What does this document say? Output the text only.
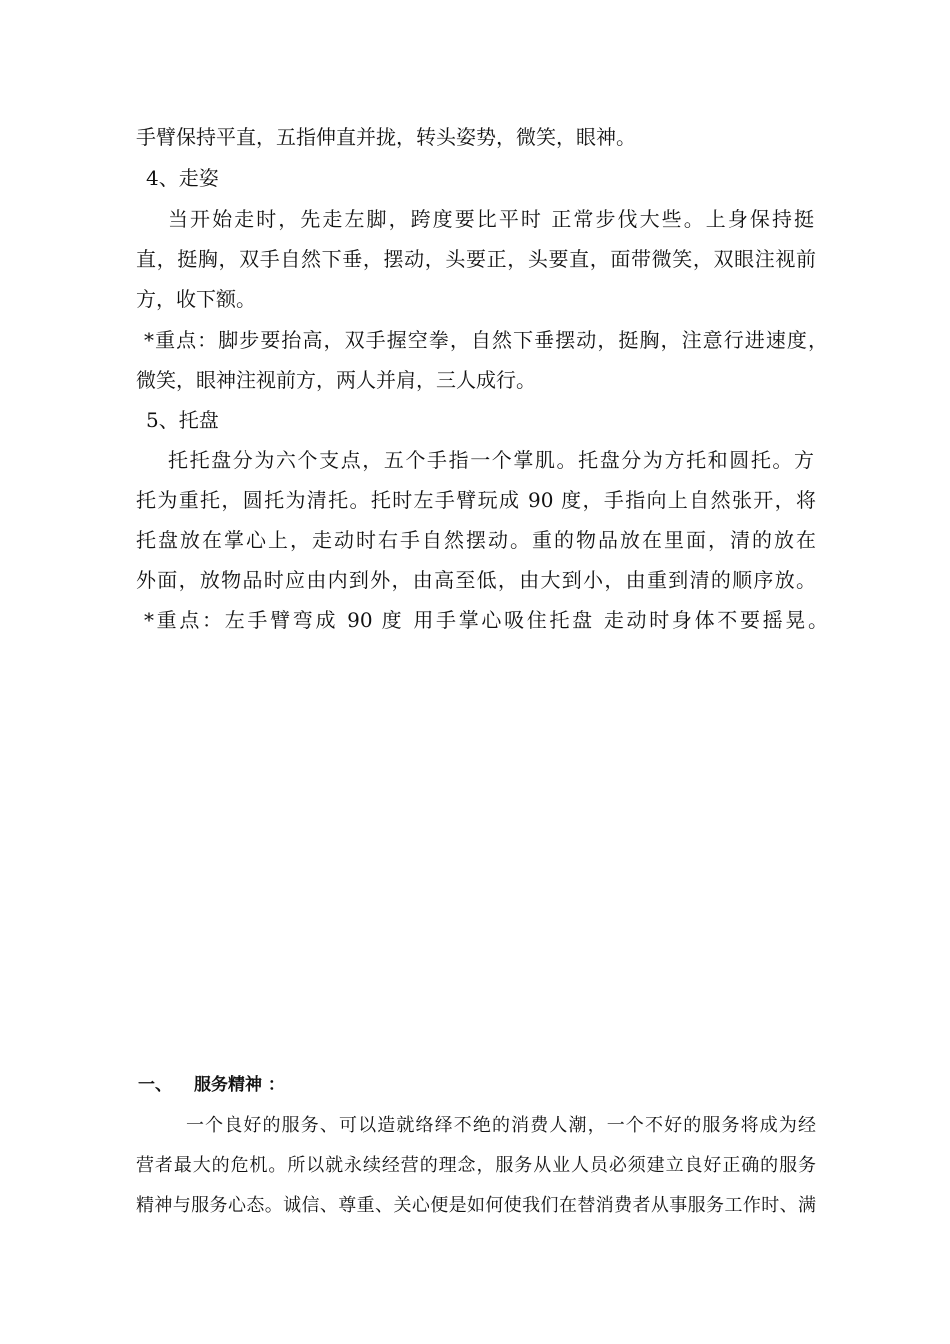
手臂保持平直，五指伸直并拢，转头姿势，微笑，眼神。
4、走姿
当开始走时，先走左脚，跨度要比平时 正常步伐大些。上身保持挺
直，挺胸，双手自然下垂，摆动，头要正，头要直，面带微笑，双眼注视前
方，收下额。
*重点：脚步要抬高，双手握空拳，自然下垂摆动，挺胸，注意行进速度，
微笑，眼神注视前方，两人并肩，三人成行。
5、托盘
托托盘分为六个支点，五个手指一个掌肌。托盘分为方托和圆托。方
托为重托，圆托为清托。托时左手臂玩成 90 度，手指向上自然张开，将
托盘放在掌心上，走动时右手自然摆动。重的物品放在里面，清的放在
外面，放物品时应由内到外，由高至低，由大到小，由重到清的顺序放。
*重点：左手臂弯成 90 度 用手掌心吸住托盘 走动时身体不要摇晃。
一、 服务精神 ：
一个良好的服务、可以造就络绎不绝的消费人潮，一个不好的服务将成为经
营者最大的危机。所以就永续经营的理念，服务从业人员必须建立良好正确的服务
精神与服务心态。诚信、尊重、关心便是如何使我们在替消费者从事服务工作时、满
